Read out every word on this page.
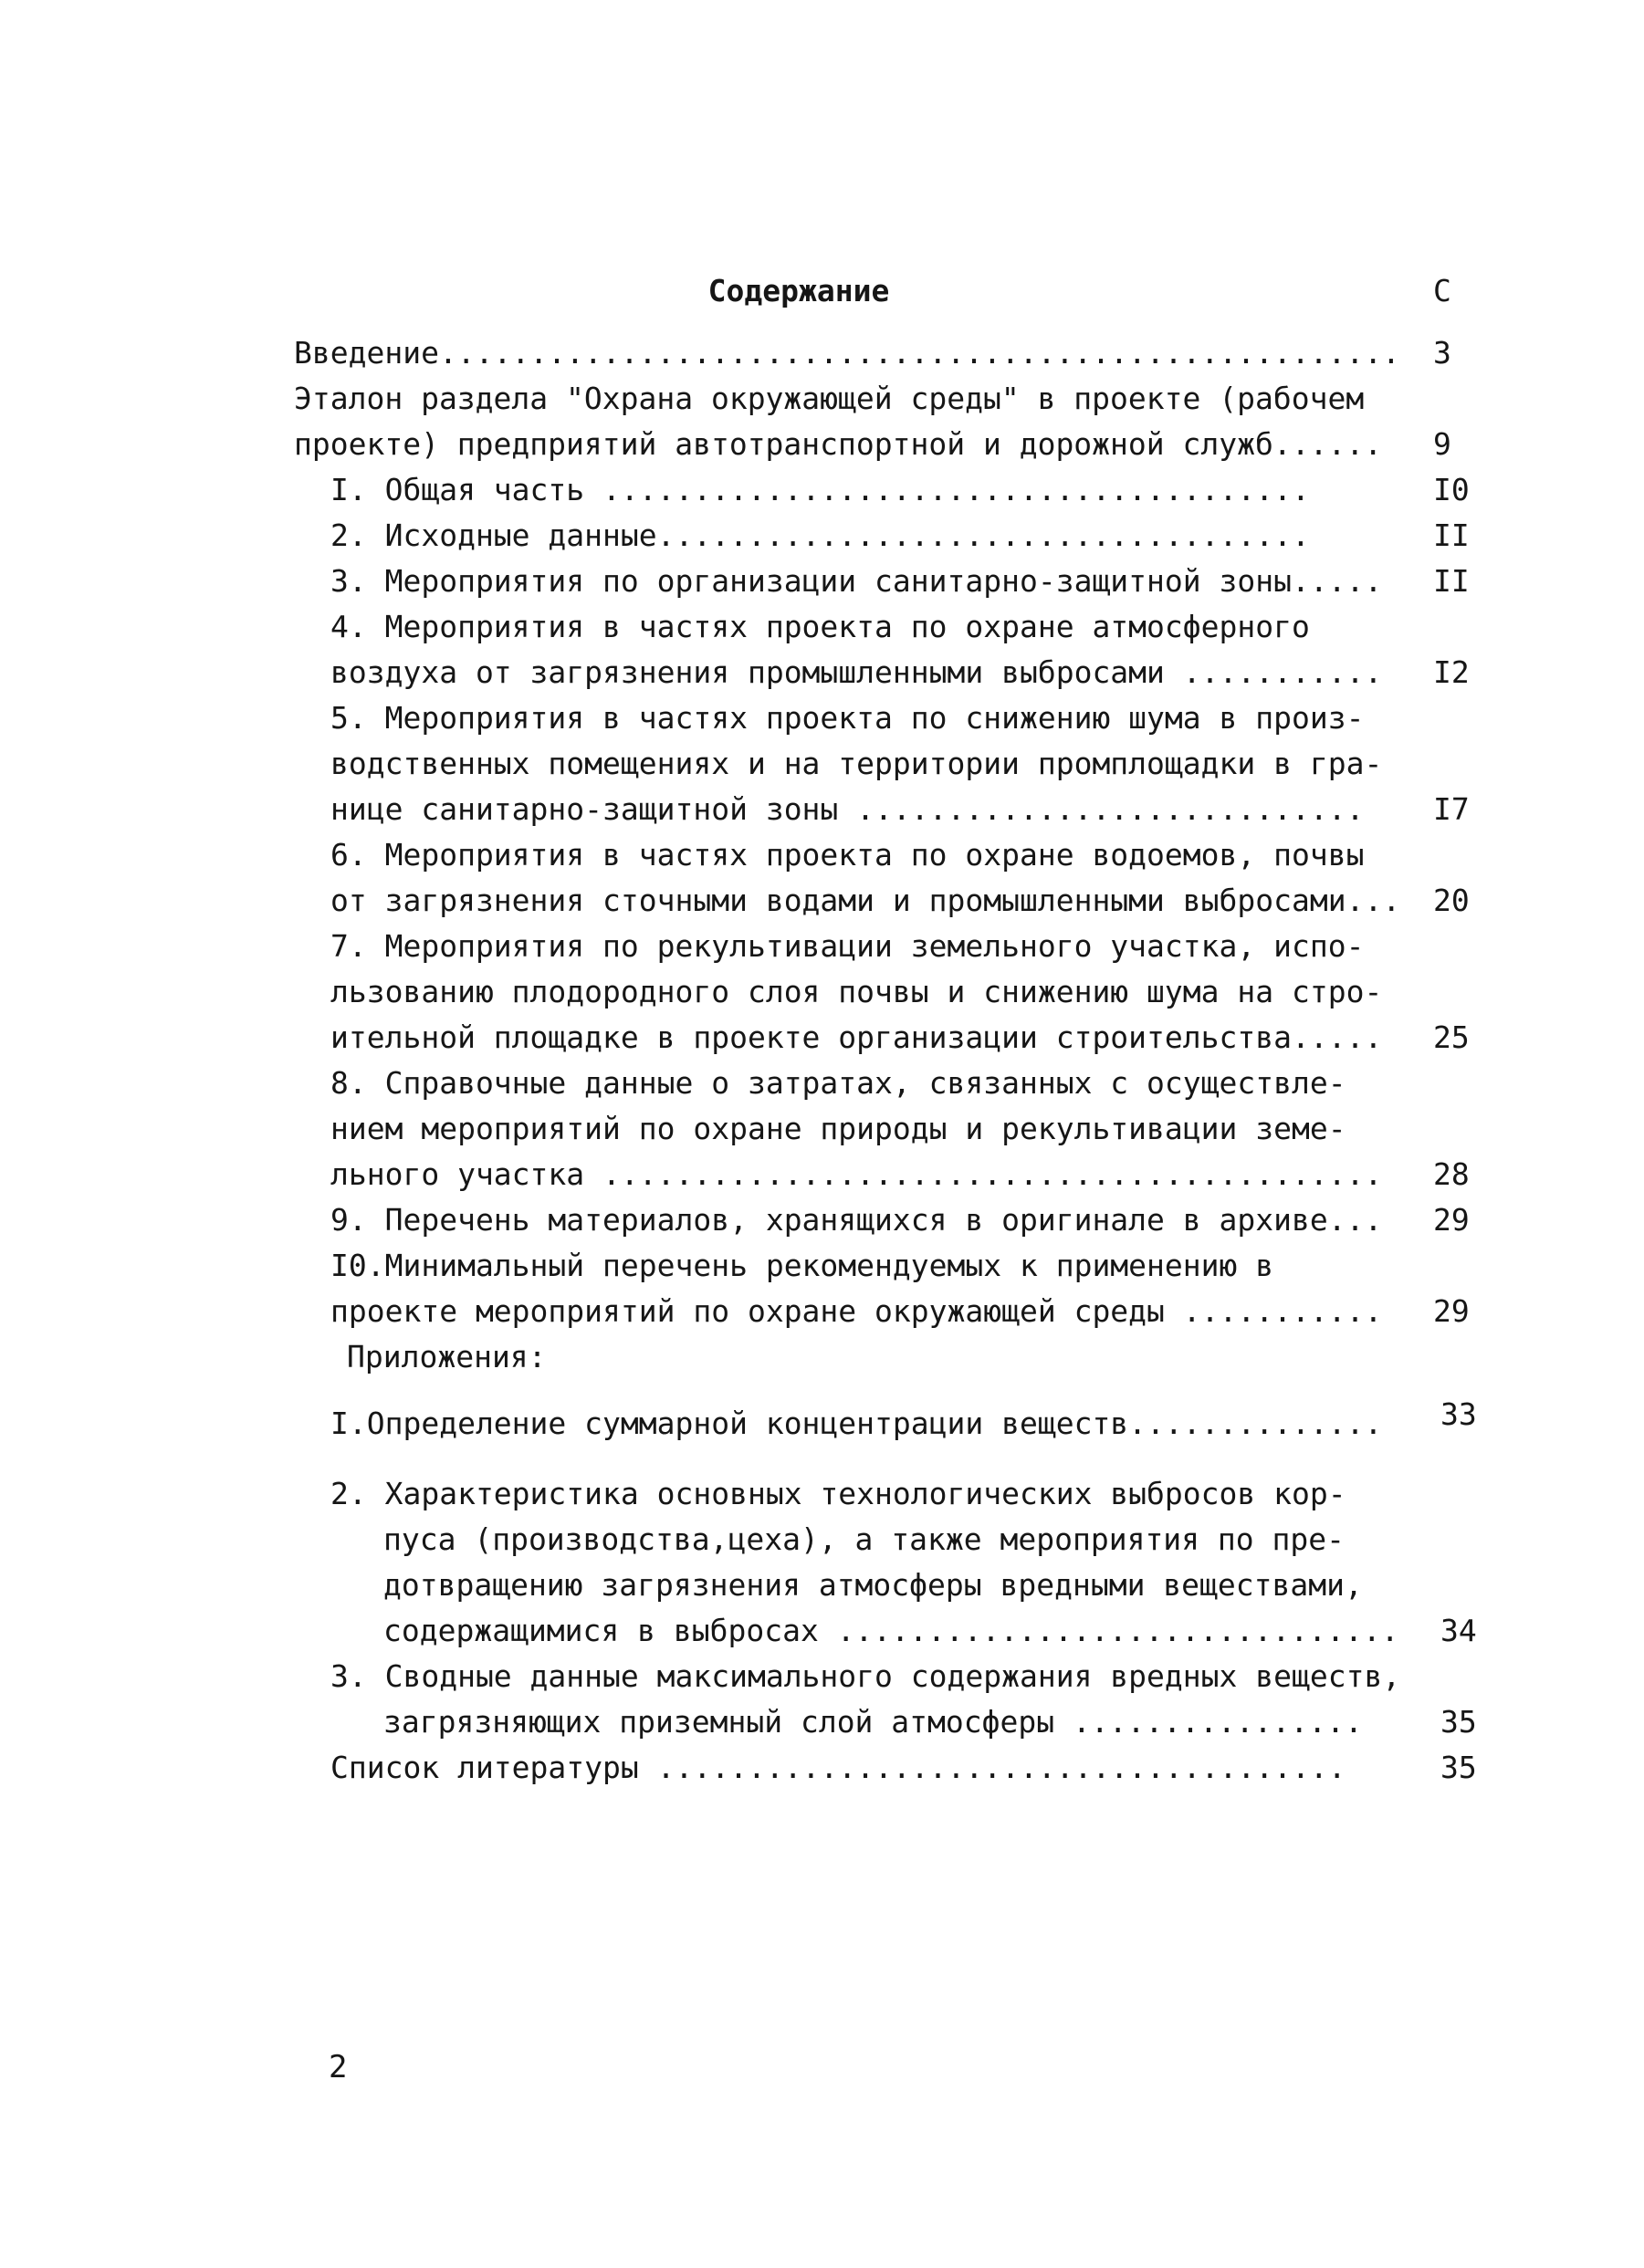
Содержание	С
Введение.....................................................	3
Эталон раздела "Охрана окружающей среды" в проекте (рабочем
проекте) предприятий автотранспортной и дорожной служб......	9
I. Общая часть .......................................	I0
2. Исходные данные....................................	II
3. Мероприятия по организации санитарно-защитной зоны.....	II
4. Мероприятия в частях проекта по охране атмосферного
воздуха от загрязнения промышленными выбросами ...........	I2
5. Мероприятия в частях проекта по снижению шума в произ-
водственных помещениях и на территории промплощадки в гра-
нице санитарно-защитной зоны ............................	I7
6. Мероприятия в частях проекта по охране водоемов, почвы
от загрязнения сточными водами и промышленными выбросами...	20
7. Мероприятия по рекультивации земельного участка, испо-
льзованию плодородного слоя почвы и снижению шума на стро-
ительной площадке в проекте организации строительства.....	25
8. Справочные данные о затратах, связанных с осуществле-
нием мероприятий по охране природы и рекультивации земе-
льного участка ...........................................	28
9. Перечень материалов, хранящихся в оригинале в архиве...	29
I0.Минимальный перечень рекомендуемых к применению в
проекте мероприятий по охране окружающей среды ...........	29
Приложения:
I.Определение суммарной концентрации веществ..............	33
2. Характеристика основных технологических выбросов кор-
пуса (производства,цеха), а также мероприятия по пре-
дотвращению загрязнения атмосферы вредными веществами,
содержащимися в выбросах ...............................	34
3. Сводные данные максимального содержания вредных веществ,
загрязняющих приземный слой атмосферы ................	35
Список литературы ......................................	35
2
